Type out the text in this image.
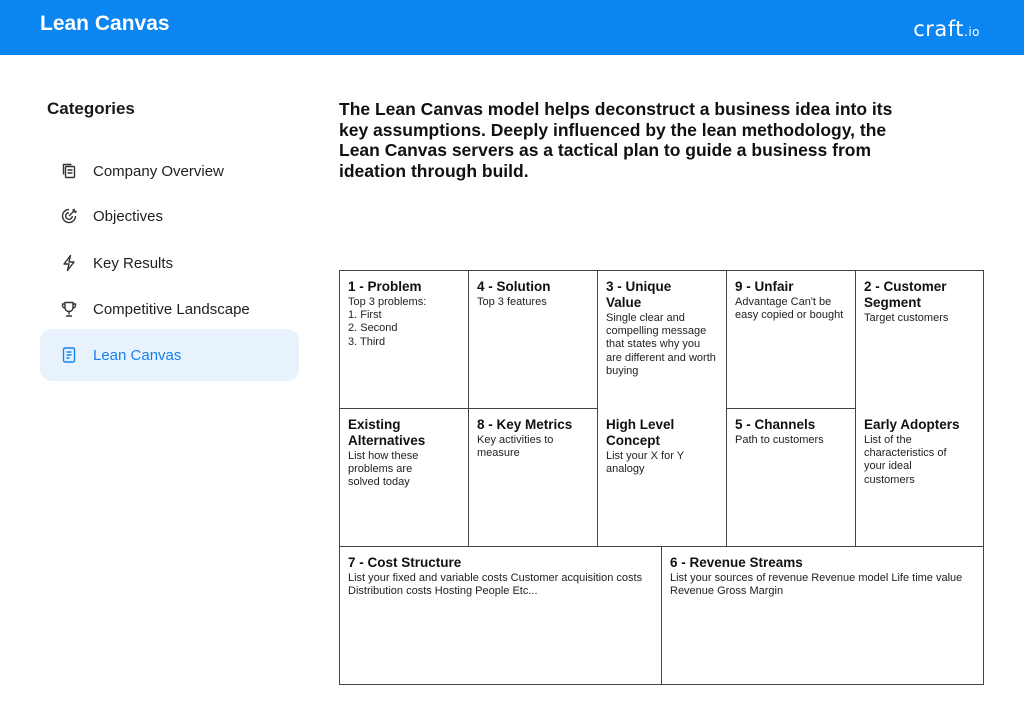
Lean Canvas	craft.io
Categories
Company Overview
Objectives
Key Results
Competitive Landscape
Lean Canvas
The Lean Canvas model helps deconstruct a business idea into its key assumptions. Deeply influenced by the lean methodology, the Lean Canvas servers as a tactical plan to guide a business from ideation through build.
1 - Problem
Top 3 problems:
1. First
2. Second
3. Third
4 - Solution
Top 3 features
3 - Unique Value
Single clear and compelling message that states why you are different and worth buying
9 - Unfair
Advantage Can't be easy copied or bought
2 - Customer Segment
Target customers
Existing Alternatives
List how these problems are solved today
8 - Key Metrics
Key activities to measure
High Level Concept
List your X for Y analogy
5 - Channels
Path to customers
Early Adopters
List of the characteristics of your ideal customers
7 - Cost Structure
List your fixed and variable costs Customer acquisition costs Distribution costs Hosting People Etc...
6 - Revenue Streams
List your sources of revenue Revenue model Life time value Revenue Gross Margin
